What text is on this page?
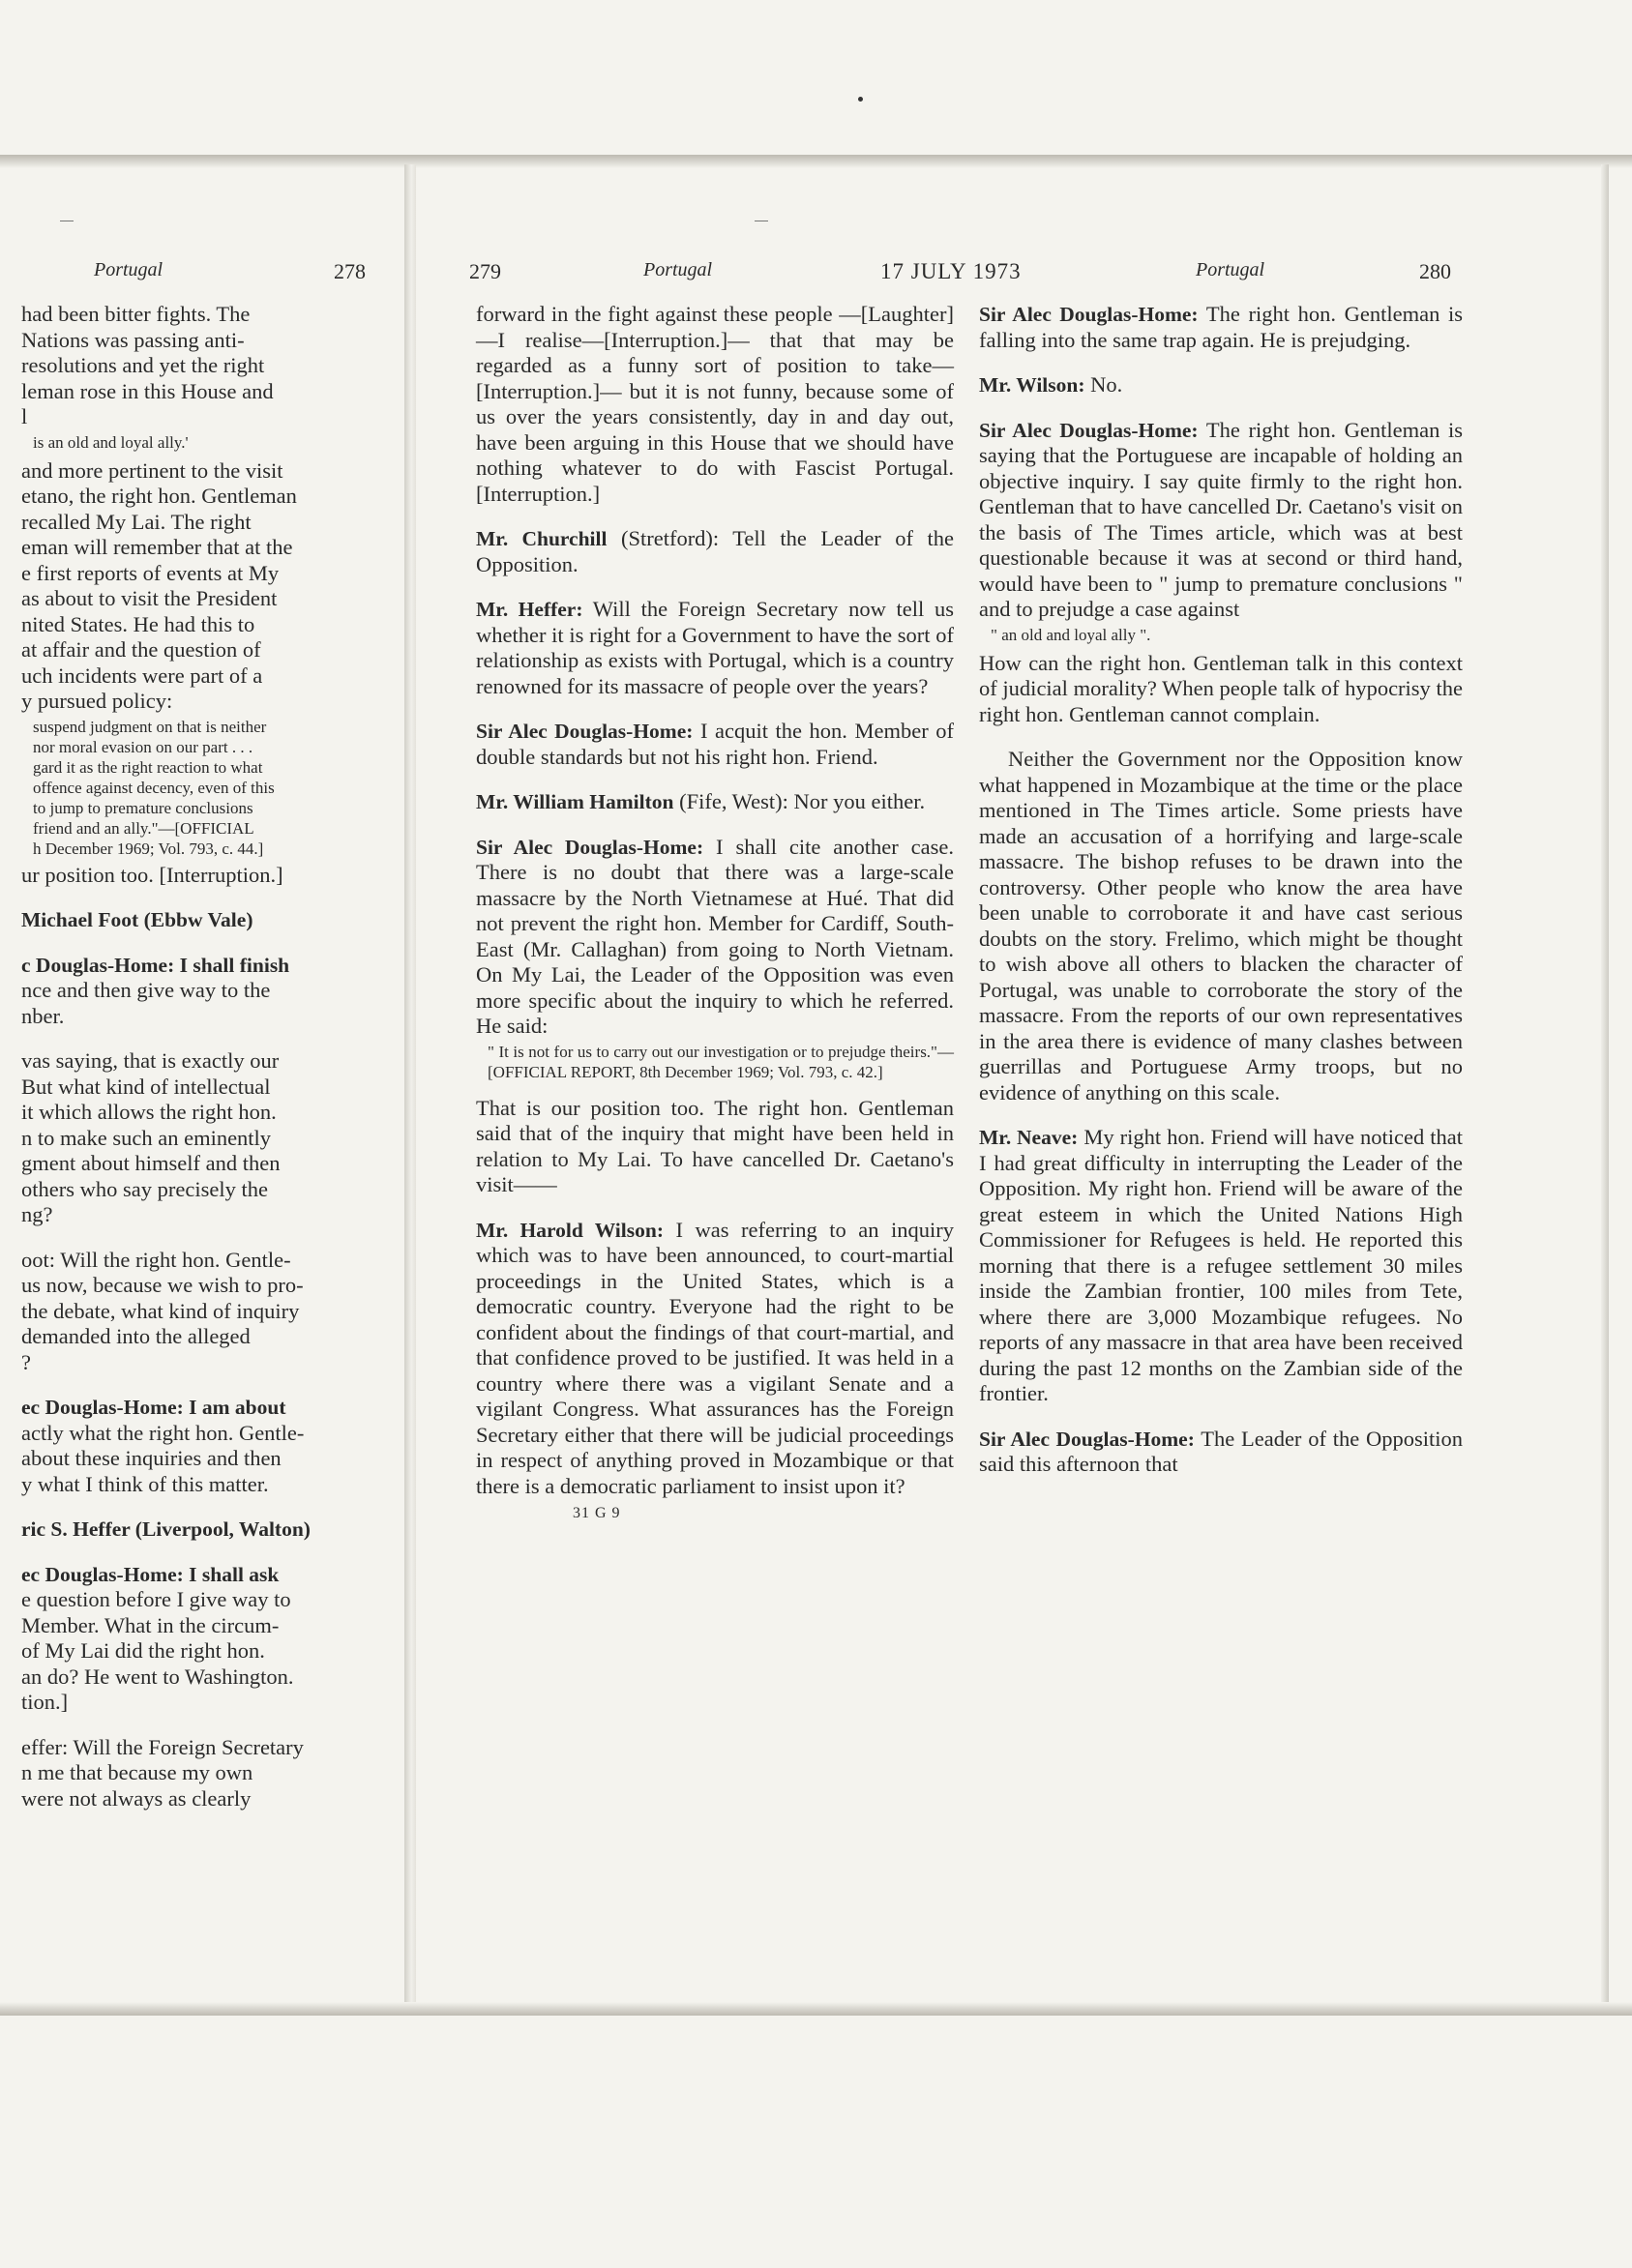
Portugal	278	279	Portugal	17 JULY 1973	Portugal	280

had been bitter fights. The

Nations was passing anti-

resolutions and yet the right

leman rose in this House and

l

is an old and loyal ally.'

and more pertinent to the visit

etano, the right hon. Gentleman

recalled My Lai. The right

eman will remember that at the

e first reports of events at My

as about to visit the President

nited States. He had this to

at affair and the question of

uch incidents were part of a

y pursued policy:

suspend judgment on that is neither
nor moral evasion on our part . . .
gard it as the right reaction to what
offence against decency, even of this
to jump to premature conclusions
friend and an ally."—[OFFICIAL
h December 1969; Vol. 793, c. 44.]

ur position too. [Interruption.]

Michael Foot (Ebbw Vale)

c Douglas-Home: I shall finish

nce and then give way to the

nber.

vas saying, that is exactly our

But what kind of intellectual

it which allows the right hon.

n to make such an eminently

gment about himself and then

others who say precisely the

ng?

oot: Will the right hon. Gentle-

us now, because we wish to pro-

the debate, what kind of inquiry

demanded into the alleged

?

ec Douglas-Home: I am about

actly what the right hon. Gentle-

about these inquiries and then

y what I think of this matter.

ric S. Heffer (Liverpool, Walton)

ec Douglas-Home: I shall ask

e question before I give way to

Member. What in the circum-

of My Lai did the right hon.

an do? He went to Washington.

tion.]

effer: Will the Foreign Secretary

n me that because my own

were not always as clearly

forward in the fight against these people —[Laughter]—I realise—[Interruption.]— that that may be regarded as a funny sort of position to take—[Interruption.]— but it is not funny, because some of us over the years consistently, day in and day out, have been arguing in this House that we should have nothing whatever to do with Fascist Portugal. [Interruption.]

Mr. Churchill (Stretford): Tell the Leader of the Opposition.

Mr. Heffer: Will the Foreign Secretary now tell us whether it is right for a Government to have the sort of relationship as exists with Portugal, which is a country renowned for its massacre of people over the years?

Sir Alec Douglas-Home: I acquit the hon. Member of double standards but not his right hon. Friend.

Mr. William Hamilton (Fife, West): Nor you either.

Sir Alec Douglas-Home: I shall cite another case. There is no doubt that there was a large-scale massacre by the North Vietnamese at Hué. That did not prevent the right hon. Member for Cardiff, South-East (Mr. Callaghan) from going to North Vietnam. On My Lai, the Leader of the Opposition was even more specific about the inquiry to which he referred. He said:

" It is not for us to carry out our investigation or to prejudge theirs."—[OFFICIAL REPORT, 8th December 1969; Vol. 793, c. 42.]

That is our position too. The right hon. Gentleman said that of the inquiry that might have been held in relation to My Lai. To have cancelled Dr. Caetano's visit——

Mr. Harold Wilson: I was referring to an inquiry which was to have been announced, to court-martial proceedings in the United States, which is a democratic country. Everyone had the right to be confident about the findings of that court-martial, and that confidence proved to be justified. It was held in a country where there was a vigilant Senate and a vigilant Congress. What assurances has the Foreign Secretary either that there will be judicial proceedings in respect of anything proved in Mozambique or that there is a democratic parliament to insist upon it?

31 G 9

Sir Alec Douglas-Home: The right hon. Gentleman is falling into the same trap again. He is prejudging.

Mr. Wilson: No.

Sir Alec Douglas-Home: The right hon. Gentleman is saying that the Portuguese are incapable of holding an objective inquiry. I say quite firmly to the right hon. Gentleman that to have cancelled Dr. Caetano's visit on the basis of The Times article, which was at best questionable because it was at second or third hand, would have been to " jump to premature conclusions " and to prejudge a case against

" an old and loyal ally ".

How can the right hon. Gentleman talk in this context of judicial morality? When people talk of hypocrisy the right hon. Gentleman cannot complain.

Neither the Government nor the Opposition know what happened in Mozambique at the time or the place mentioned in The Times article. Some priests have made an accusation of a horrifying and large-scale massacre. The bishop refuses to be drawn into the controversy. Other people who know the area have been unable to corroborate it and have cast serious doubts on the story. Frelimo, which might be thought to wish above all others to blacken the character of Portugal, was unable to corroborate the story of the massacre. From the reports of our own representatives in the area there is evidence of many clashes between guerrillas and Portuguese Army troops, but no evidence of anything on this scale.

Mr. Neave: My right hon. Friend will have noticed that I had great difficulty in interrupting the Leader of the Opposition. My right hon. Friend will be aware of the great esteem in which the United Nations High Commissioner for Refugees is held. He reported this morning that there is a refugee settlement 30 miles inside the Zambian frontier, 100 miles from Tete, where there are 3,000 Mozambique refugees. No reports of any massacre in that area have been received during the past 12 months on the Zambian side of the frontier.

Sir Alec Douglas-Home: The Leader of the Opposition said this afternoon that
